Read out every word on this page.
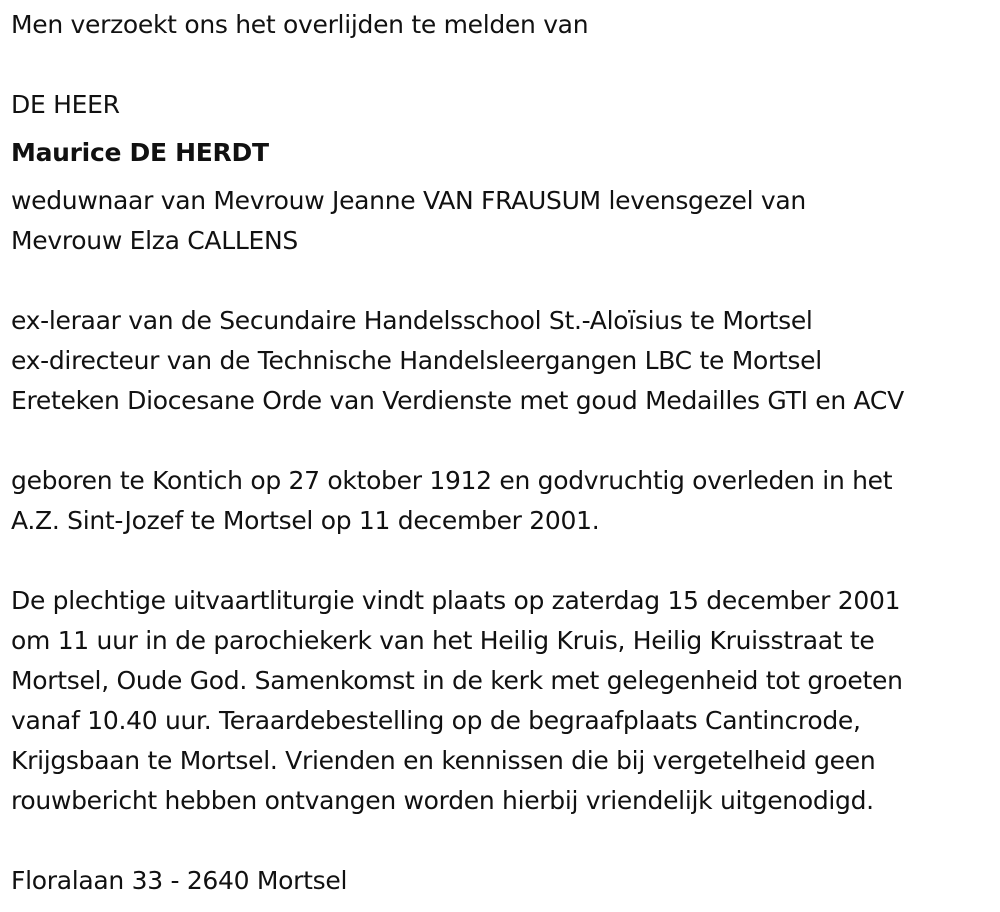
Men verzoekt ons het overlijden te melden van
DE HEER
Maurice DE HERDT
weduwnaar van Mevrouw Jeanne VAN FRAUSUM levensgezel van
Mevrouw Elza CALLENS
ex-leraar van de Secundaire Handelsschool St.-Aloïsius te Mortsel
ex-directeur van de Technische Handelsleergangen LBC te Mortsel
Ereteken Diocesane Orde van Verdienste met goud Medailles GTI en ACV
geboren te Kontich op 27 oktober 1912 en godvruchtig overleden in het
A.Z. Sint-Jozef te Mortsel op 11 december 2001.
De plechtige uitvaartliturgie vindt plaats op zaterdag 15 december 2001
om 11 uur in de parochiekerk van het Heilig Kruis, Heilig Kruisstraat te
Mortsel, Oude God. Samenkomst in de kerk met gelegenheid tot groeten
vanaf 10.40 uur. Teraardebestelling op de begraafplaats Cantincrode,
Krijgsbaan te Mortsel. Vrienden en kennissen die bij vergetelheid geen
rouwbericht hebben ontvangen worden hierbij vriendelijk uitgenodigd.
Floralaan 33 - 2640 Mortsel
